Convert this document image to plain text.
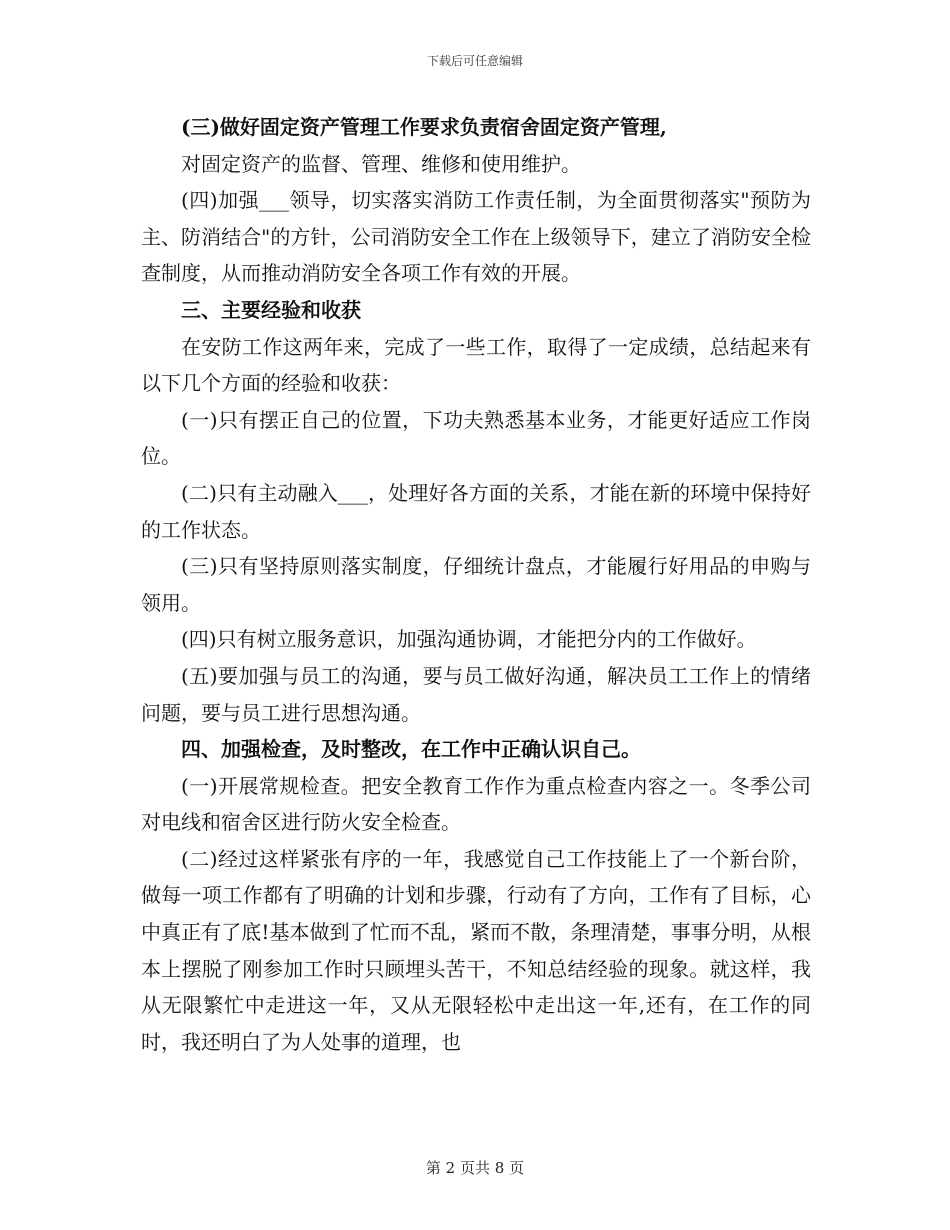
下载后可任意编辑

(三)做好固定资产管理工作要求负责宿舍固定资产管理,

对固定资产的监督、管理、维修和使用维护。

(四)加强___领导，切实落实消防工作责任制，为全面贯彻落实"预防为主、防消结合"的方针，公司消防安全工作在上级领导下，建立了消防安全检查制度，从而推动消防安全各项工作有效的开展。

三、主要经验和收获

在安防工作这两年来，完成了一些工作，取得了一定成绩，总结起来有以下几个方面的经验和收获：

(一)只有摆正自己的位置，下功夫熟悉基本业务，才能更好适应工作岗位。

(二)只有主动融入___，处理好各方面的关系，才能在新的环境中保持好的工作状态。

(三)只有坚持原则落实制度，仔细统计盘点，才能履行好用品的申购与领用。

(四)只有树立服务意识，加强沟通协调，才能把分内的工作做好。

(五)要加强与员工的沟通，要与员工做好沟通，解决员工工作上的情绪问题，要与员工进行思想沟通。

四、加强检查，及时整改，在工作中正确认识自己。

(一)开展常规检查。把安全教育工作作为重点检查内容之一。冬季公司对电线和宿舍区进行防火安全检查。

(二)经过这样紧张有序的一年，我感觉自己工作技能上了一个新台阶，做每一项工作都有了明确的计划和步骤，行动有了方向，工作有了目标，心中真正有了底!基本做到了忙而不乱，紧而不散，条理清楚，事事分明，从根本上摆脱了刚参加工作时只顾埋头苦干，不知总结经验的现象。就这样，我从无限繁忙中走进这一年，又从无限轻松中走出这一年,还有，在工作的同时，我还明白了为人处事的道理，也

第 2 页共 8 页
